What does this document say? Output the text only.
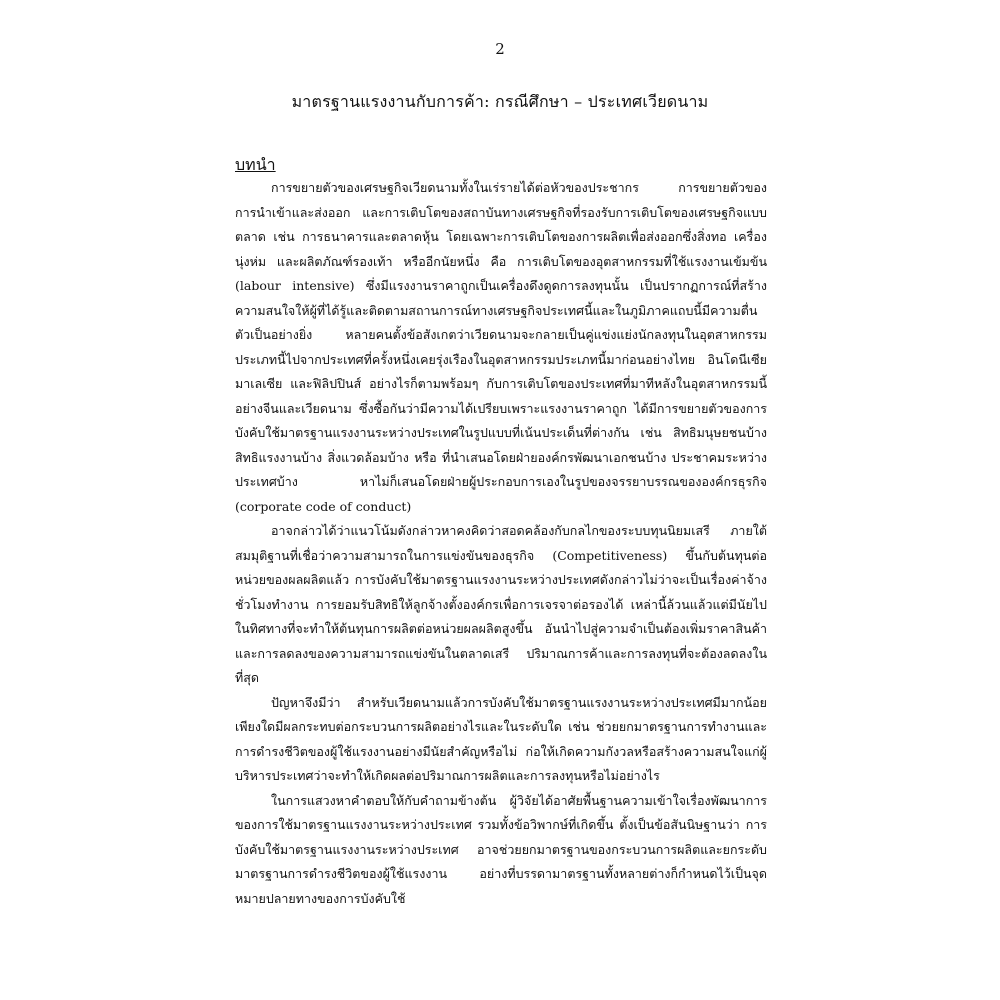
2
มาตรฐานแรงงานกับการค้า: กรณีศึกษา – ประเทศเวียดนาม
บทนำ

การขยายตัวของเศรษฐกิจเวียดนามทั้งในเร่รายได้ต่อหัวของประชากร การขยายตัวของการนำเข้าและส่งออก และการเติบโตของสถาบันทางเศรษฐกิจที่รองรับการเติบโตของเศรษฐกิจแบบตลาด เช่น การธนาคารและตลาดหุ้น โดยเฉพาะการเติบโตของการผลิตเพื่อส่งออกซึ่งสิ่งทอ เครื่องนุ่งห่ม และผลิตภัณฑ์รองเท้า หรืออีกนัยหนึ่ง คือ การเติบโตของอุตสาหกรรมที่ใช้แรงงานเข้มข้น (labour intensive) ซึ่งมีแรงงานราคาถูกเป็นเครื่องดึงดูดการลงทุนนั้น เป็นปรากฏการณ์ที่สร้างความสนใจให้ผู้ที่ได้รู้และติดตามสถานการณ์ทางเศรษฐกิจประเทศนี้และในภูมิภาคแถบนี้มีความตื่นตัวเป็นอย่างยิ่ง หลายคนตั้งข้อสังเกตว่าเวียดนามจะกลายเป็นคู่แข่งแย่งนักลงทุนในอุตสาหกรรมประเภทนี้ไปจากประเทศที่ครั้งหนึ่งเคยรุ่งเรืองในอุตสาหกรรมประเภทนี้มาก่อนอย่างไทย อินโดนีเซีย มาเลเซีย และฟิลิปปินส์ อย่างไรก็ตามพร้อมๆ กับการเติบโตของประเทศที่มาทีหลังในอุตสาหกรรมนี้อย่างจีนและเวียดนาม ซึ่งซื้อกันว่ามีความได้เปรียบเพราะแรงงานราคาถูก ได้มีการขยายตัวของการบังคับใช้มาตรฐานแรงงานระหว่างประเทศในรูปแบบที่เน้นประเด็นที่ต่างกัน เช่น สิทธิมนุษยชนบ้าง สิทธิแรงงานบ้าง สิ่งแวดล้อมบ้าง หรือ ที่นำเสนอโดยฝ่ายองค์กรพัฒนาเอกชนบ้าง ประชาคมระหว่างประเทศบ้าง หาไม่ก็เสนอโดยฝ่ายผู้ประกอบการเองในรูปของจรรยาบรรณขององค์กรธุรกิจ (corporate code of conduct)

อาจกล่าวได้ว่าแนวโน้มดังกล่าวหาคงคิดว่าสอดคล้องกับกลไกของระบบทุนนิยมเสรี ภายใต้สมมุติฐานที่เชื่อว่าความสามารถในการแข่งขันของธุรกิจ (Competitiveness) ขึ้นกับต้นทุนต่อหน่วยของผลผลิตแล้ว การบังคับใช้มาตรฐานแรงงานระหว่างประเทศดังกล่าวไม่ว่าจะเป็นเรื่องค่าจ้าง ชั่วโมงทำงาน การยอมรับสิทธิให้ลูกจ้างตั้งองค์กรเพื่อการเจรจาต่อรองได้ เหล่านี้ล้วนแล้วแต่มีนัยไปในทิศทางที่จะทำให้ต้นทุนการผลิตต่อหน่วยผลผลิตสูงขึ้น อันนำไปสู่ความจำเป็นต้องเพิ่มราคาสินค้า และการลดลงของความสามารถแข่งขันในตลาดเสรี ปริมาณการค้าและการลงทุนที่จะต้องลดลงในที่สุด

ปัญหาจึงมีว่า สำหรับเวียดนามแล้วการบังคับใช้มาตรฐานแรงงานระหว่างประเทศมีมากน้อยเพียงใดมีผลกระทบต่อกระบวนการผลิตอย่างไรและในระดับใด เช่น ช่วยยกมาตรฐานการทำงานและการดำรงชีวิตของผู้ใช้แรงงานอย่างมีนัยสำคัญหรือไม่ ก่อให้เกิดความกังวลหรือสร้างความสนใจแก่ผู้บริหารประเทศว่าจะทำให้เกิดผลต่อปริมาณการผลิตและการลงทุนหรือไม่อย่างไร

ในการแสวงหาคำตอบให้กับคำถามข้างต้น ผู้วิจัยได้อาศัยพื้นฐานความเข้าใจเรื่องพัฒนาการของการใช้มาตรฐานแรงงานระหว่างประเทศ รวมทั้งข้อวิพากษ์ที่เกิดขึ้น ตั้งเป็นข้อสันนิษฐานว่า การบังคับใช้มาตรฐานแรงงานระหว่างประเทศ อาจช่วยยกมาตรฐานของกระบวนการผลิตและยกระดับมาตรฐานการดำรงชีวิตของผู้ใช้แรงงาน อย่างที่บรรดามาตรฐานทั้งหลายต่างก็กำหนดไว้เป็นจุดหมายปลายทางของการบังคับใช้
